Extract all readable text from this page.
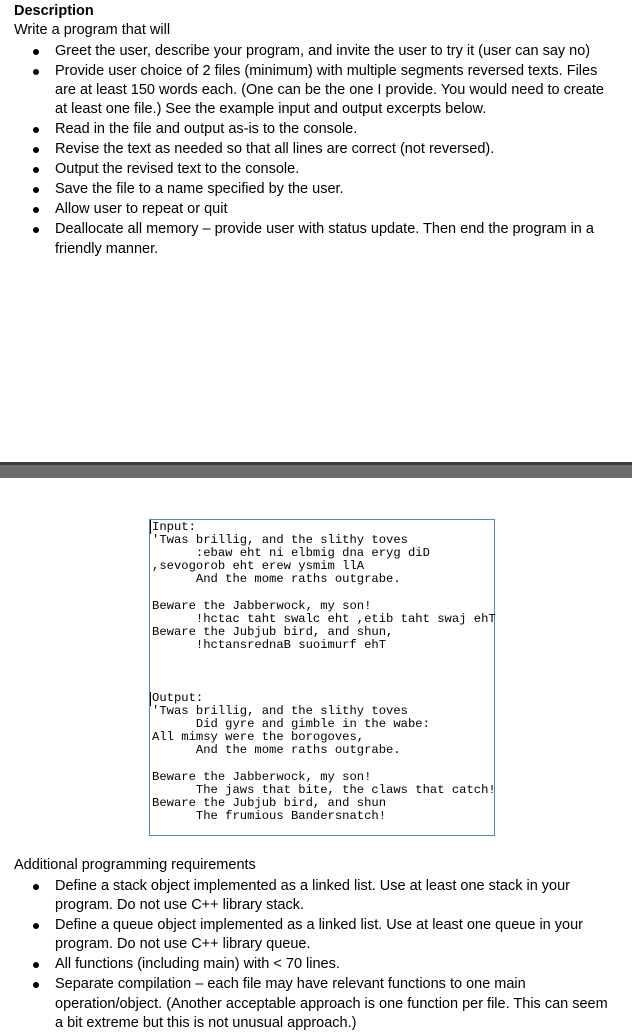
Description
Write a program that will
Greet the user, describe your program, and invite the user to try it (user can say no)
Provide user choice of 2 files (minimum) with multiple segments reversed texts. Files are at least 150 words each. (One can be the one I provide. You would need to create at least one file.) See the example input and output excerpts below.
Read in the file and output as-is to the console.
Revise the text as needed so that all lines are correct (not reversed).
Output the revised text to the console.
Save the file to a name specified by the user.
Allow user to repeat or quit
Deallocate all memory – provide user with status update. Then end the program in a friendly manner.
Input:
'Twas brillig, and the slithy toves
:ebaw eht ni elbmig dna eryg diD
,sevogorob eht erew ysmim llA
And the mome raths outgrabe.
Beware the Jabberwock, my son!
!hctac taht swalc eht ,etib taht swaj ehT
Beware the Jubjub bird, and shun,
!hctansrednaB suoimurf ehT
Output:
'Twas brillig, and the slithy toves
Did gyre and gimble in the wabe:
All mimsy were the borogoves,
And the mome raths outgrabe.
Beware the Jabberwock, my son!
The jaws that bite, the claws that catch!
Beware the Jubjub bird, and shun
The frumious Bandersnatch!
Additional programming requirements
Define a stack object implemented as a linked list. Use at least one stack in your program. Do not use C++ library stack.
Define a queue object implemented as a linked list. Use at least one queue in your program. Do not use C++ library queue.
All functions (including main) with < 70 lines.
Separate compilation – each file may have relevant functions to one main operation/object. (Another acceptable approach is one function per file. This can seem a bit extreme but this is not unusual approach.)
